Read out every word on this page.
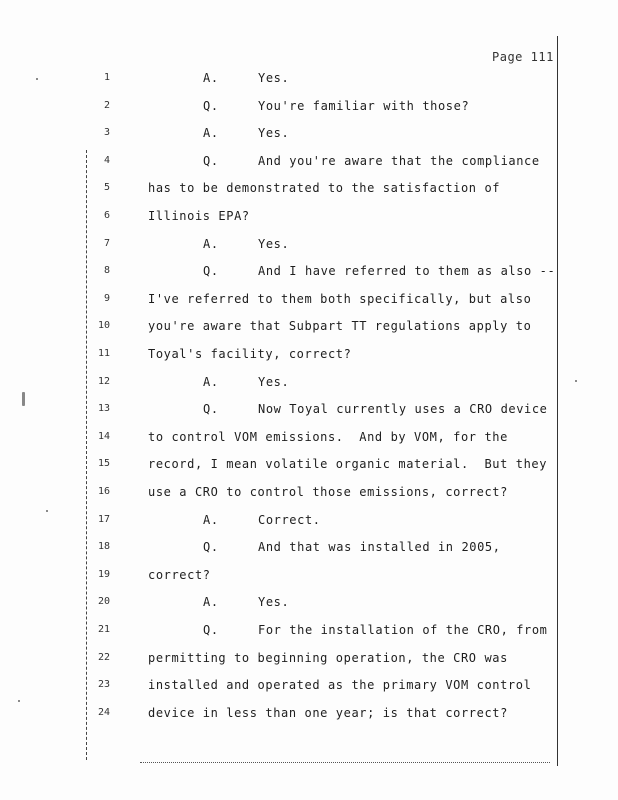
Page 111
1	A.	Yes.
2	Q.	You're familiar with those?
3	A.	Yes.
4	Q.	And you're aware that the compliance
5	has to be demonstrated to the satisfaction of
6	Illinois EPA?
7	A.	Yes.
8	Q.	And I have referred to them as also --
9	I've referred to them both specifically, but also
10	you're aware that Subpart TT regulations apply to
11	Toyal's facility, correct?
12	A.	Yes.
13	Q.	Now Toyal currently uses a CRO device
14	to control VOM emissions.  And by VOM, for the
15	record, I mean volatile organic material.  But they
16	use a CRO to control those emissions, correct?
17	A.	Correct.
18	Q.	And that was installed in 2005,
19	correct?
20	A.	Yes.
21	Q.	For the installation of the CRO, from
22	permitting to beginning operation, the CRO was
23	installed and operated as the primary VOM control
24	device in less than one year; is that correct?
